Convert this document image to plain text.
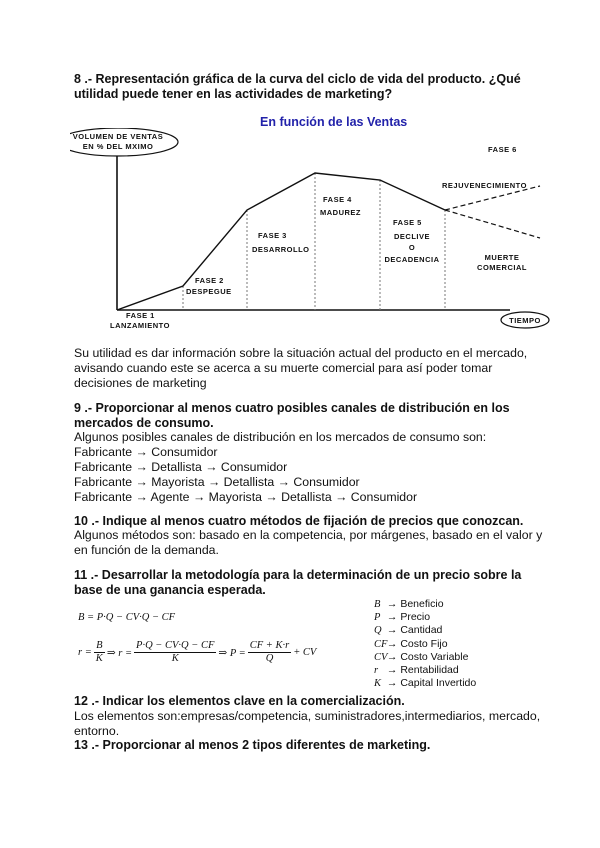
8 .- Representación gráfica de la curva del ciclo de vida del producto. ¿Qué utilidad puede tener en las actividades de marketing?
En función de las Ventas
VOLUMEN DE VENTAS
EN % DEL MXIMO
TIEMPO
FASE 1
LANZAMIENTO
FASE 2
DESPEGUE
FASE 3
DESARROLLO
FASE 4
MADUREZ
FASE 5
DECLIVE
O
DECADENCIA
FASE 6
REJUVENECIMIENTO
MUERTE
COMERCIAL
Su utilidad es dar información sobre la situación actual del producto en el mercado, avisando cuando este se acerca a su muerte comercial para así poder tomar decisiones de marketing
9 .- Proporcionar al menos cuatro posibles canales de distribución en los mercados de consumo.
Algunos posibles canales de distribución en los mercados de consumo son:
Fabricante → Consumidor
Fabricante → Detallista → Consumidor
Fabricante → Mayorista → Detallista → Consumidor
Fabricante → Agente → Mayorista → Detallista → Consumidor
10 .- Indique al menos cuatro métodos de fijación de precios que conozcan.
Algunos métodos son: basado en la competencia, por márgenes, basado en el valor y en función de la demanda.
11 .- Desarrollar la metodología para la determinación de un precio sobre la base de una ganancia esperada.
B = P·Q − CV·Q − CF
$r = \frac{B}{K}$ ⇒ $r = \frac{P\cdot Q - CV\cdot Q - CF}{K}$ ⇒ $P = \frac{CF + K\cdot r}{Q}$ + CV
B → Beneficio
P → Precio
Q → Cantidad
CF → Costo Fijo
CV → Costo Variable
r → Rentabilidad
K → Capital Invertido
12 .- Indicar los elementos clave en la comercialización.
Los elementos son:empresas/competencia, suministradores,intermediarios, mercado, entorno.
13 .- Proporcionar al menos 2 tipos diferentes de marketing.
